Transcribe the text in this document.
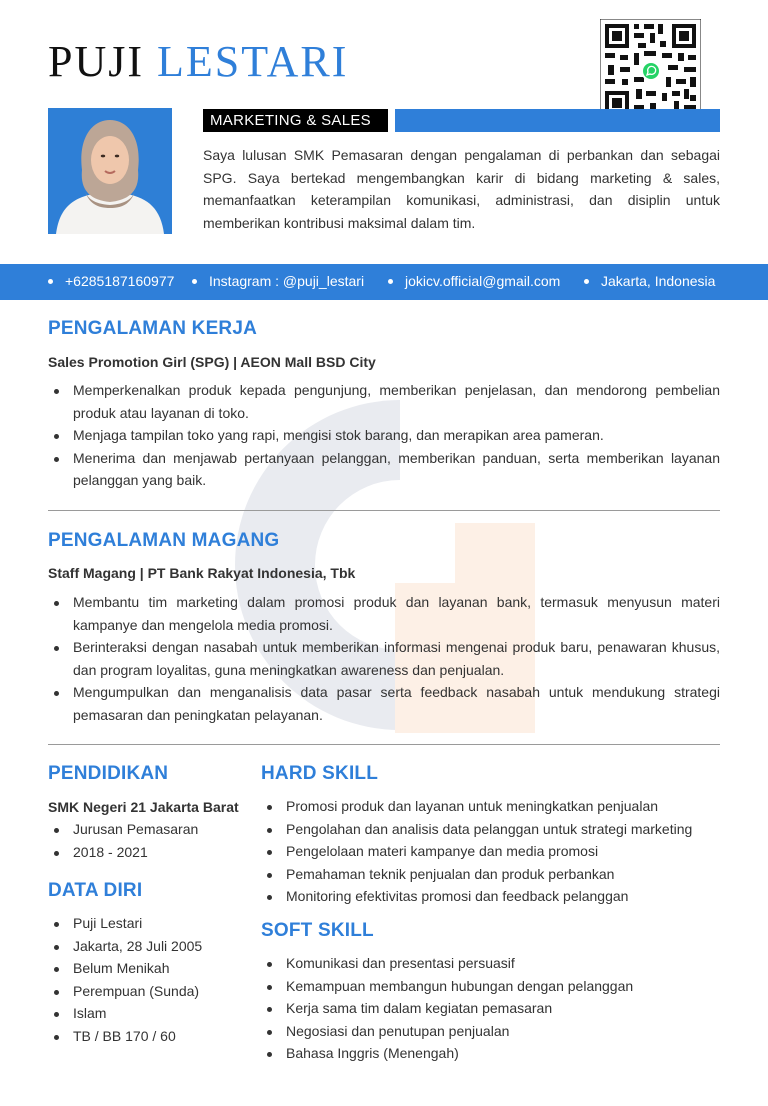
PUJI LESTARI
MARKETING & SALES
Saya lulusan SMK Pemasaran dengan pengalaman di perbankan dan sebagai SPG. Saya bertekad mengembangkan karir di bidang marketing & sales, memanfaatkan keterampilan komunikasi, administrasi, dan disiplin untuk memberikan kontribusi maksimal dalam tim.
+6285187160977	Instagram : @puji_lestari	jokicv.official@gmail.com	Jakarta, Indonesia
PENGALAMAN KERJA
Sales Promotion Girl (SPG) | AEON Mall BSD City
Memperkenalkan produk kepada pengunjung, memberikan penjelasan, dan mendorong pembelian produk atau layanan di toko.
Menjaga tampilan toko yang rapi, mengisi stok barang, dan merapikan area pameran.
Menerima dan menjawab pertanyaan pelanggan, memberikan panduan, serta memberikan layanan pelanggan yang baik.
PENGALAMAN MAGANG
Staff Magang | PT Bank Rakyat Indonesia, Tbk
Membantu tim marketing dalam promosi produk dan layanan bank, termasuk menyusun materi kampanye dan mengelola media promosi.
Berinteraksi dengan nasabah untuk memberikan informasi mengenai produk baru, penawaran khusus, dan program loyalitas, guna meningkatkan awareness dan penjualan.
Mengumpulkan dan menganalisis data pasar serta feedback nasabah untuk mendukung strategi pemasaran dan peningkatan pelayanan.
PENDIDIKAN
SMK Negeri 21 Jakarta Barat
Jurusan Pemasaran
2018 - 2021
DATA DIRI
Puji Lestari
Jakarta, 28 Juli 2005
Belum Menikah
Perempuan (Sunda)
Islam
TB / BB 170 / 60
HARD SKILL
Promosi produk dan layanan untuk meningkatkan penjualan
Pengolahan dan analisis data pelanggan untuk strategi marketing
Pengelolaan materi kampanye dan media promosi
Pemahaman teknik penjualan dan produk perbankan
Monitoring efektivitas promosi dan feedback pelanggan
SOFT SKILL
Komunikasi dan presentasi persuasif
Kemampuan membangun hubungan dengan pelanggan
Kerja sama tim dalam kegiatan pemasaran
Negosiasi dan penutupan penjualan
Bahasa Inggris (Menengah)
